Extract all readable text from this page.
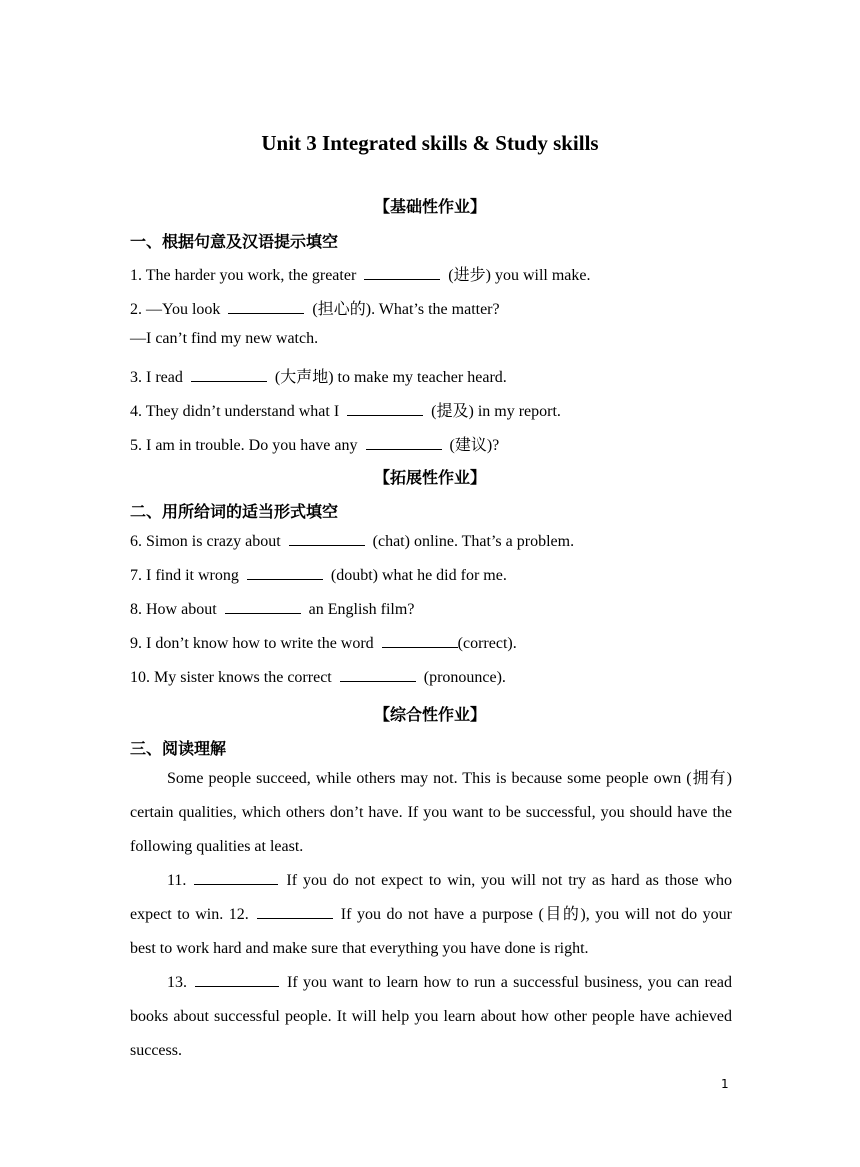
Unit 3 Integrated skills & Study skills
【基础性作业】
一、根据句意及汉语提示填空
1. The harder you work, the greater	(进步) you will make.
2. —You look	(担心的). What’s the matter?
—I can’t find my new watch.
3. I read	(大声地) to make my teacher heard.
4. They didn’t understand what I	(提及) in my report.
5. I am in trouble. Do you have any	(建议)?
【拓展性作业】
二、用所给词的适当形式填空
6. Simon is crazy about	(chat) online. That’s a problem.
7. I find it wrong	(doubt) what he did for me.
8. How about	an English film?
9. I don’t know how to write the word	(correct).
10. My sister knows the correct	(pronounce).
【综合性作业】
三、阅读理解
Some people succeed, while others may not. This is because some people own (拥有) certain qualities, which others don’t have. If you want to be successful, you should have the following qualities at least.
11.	If you do not expect to win, you will not try as hard as those who expect to win. 12.	If you do not have a purpose (目的), you will not do your best to work hard and make sure that everything you have done is right.
13.	If you want to learn how to run a successful business, you can read books about successful people. It will help you learn about how other people have achieved success.
1
